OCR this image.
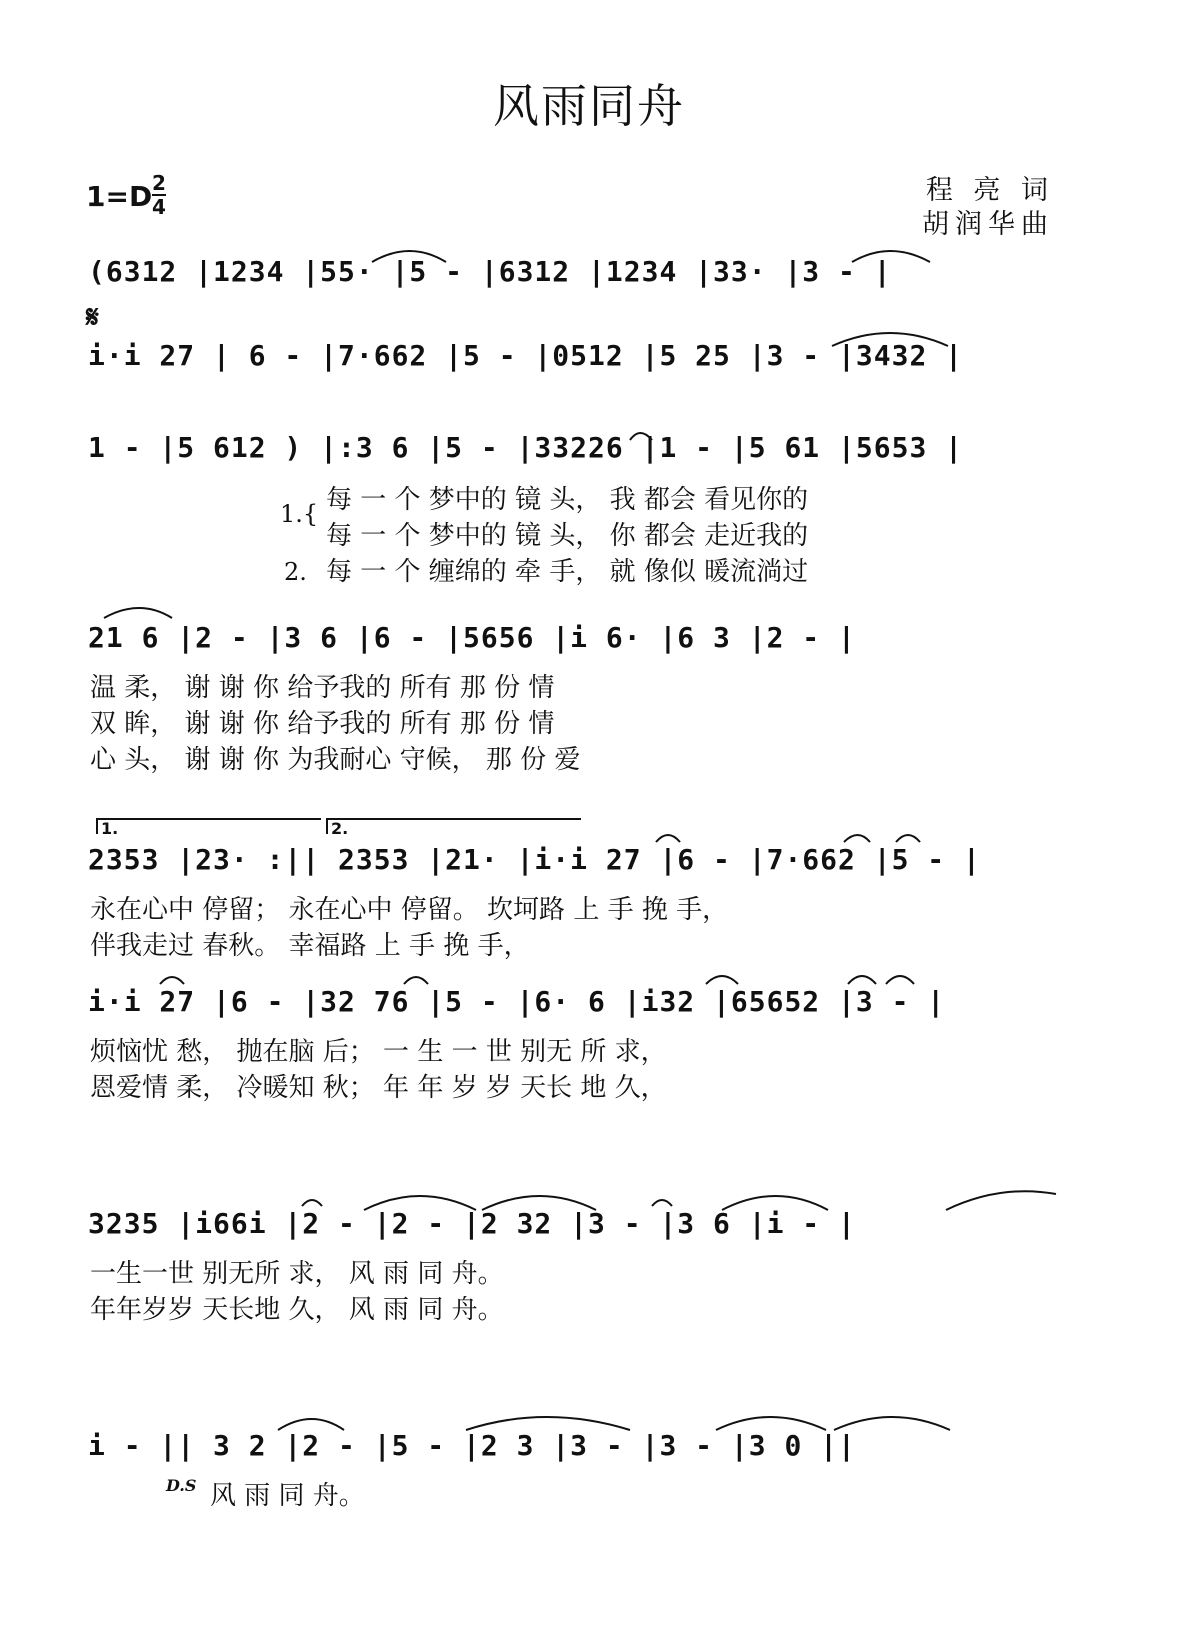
风雨同舟
1=D 2
4
程 亮 词
胡润华曲
𝄋
(6312 |1234 |55· |5 - |6312 |1234 |33· |3 - |
i·i 27 | 6 - |7·662 |5 - |0512 |5 25 |3 - |3432 |
1 - |5 612 ) |:3 6 |5 - |33226 |1 - |5 61 |5653 |
21 6 |2 - |3 6 |6 - |5656 |i 6· |6 3 |2 - |
2353 |23· :|| 2353 |21· |i·i 27 |6 - |7·662 |5 - |
i·i 27 |6 - |32 76 |5 - |6· 6 |i32 |65652 |3 - |
3235 |i66i |2 - |2 - |2 32 |3 - |3 6 |i - |
i - || 3 2 |2 - |5 - |2 3 |3 - |3 - |3 0 ||
1.	2.
1.{
2.
每 一 个 梦中的 镜 头， 我 都会 看见你的
每 一 个 梦中的 镜 头， 你 都会 走近我的
每 一 个 缠绵的 牵 手， 就 像似 暖流淌过
温 柔， 谢 谢 你 给予我的 所有 那 份 情
双 眸， 谢 谢 你 给予我的 所有 那 份 情
心 头， 谢 谢 你 为我耐心 守候， 那 份 爱
永在心中 停留； 永在心中 停留。 坎坷路 上 手 挽 手，
伴我走过 春秋。 幸福路 上 手 挽 手，
烦恼忧 愁， 抛在脑 后； 一 生 一 世 别无 所 求，
恩爱情 柔， 冷暖知 秋； 年 年 岁 岁 天长 地 久，
一生一世 别无所 求， 风 雨 同 舟。
年年岁岁 天长地 久， 风 雨 同 舟。
D.S 风 雨 同 舟。
